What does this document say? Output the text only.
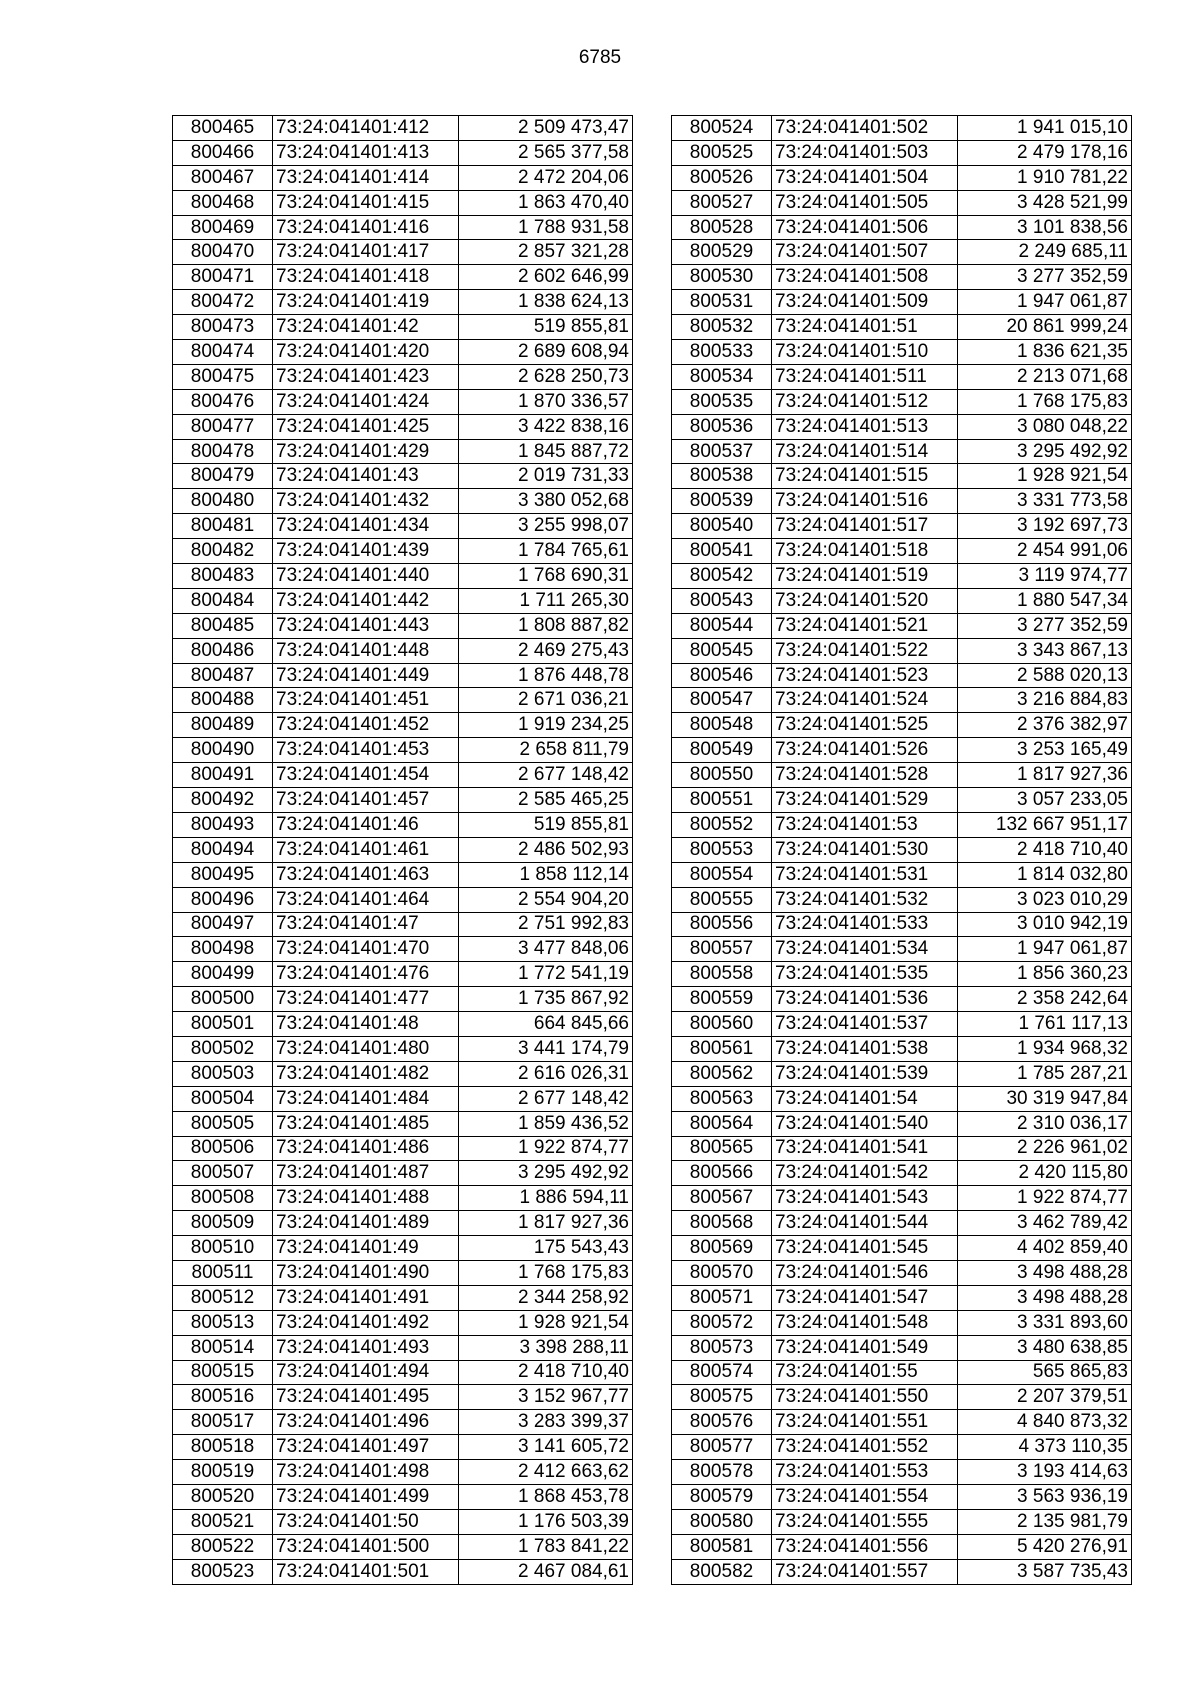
6785
800465	73:24:041401:412	2 509 473,47
800466	73:24:041401:413	2 565 377,58
800467	73:24:041401:414	2 472 204,06
800468	73:24:041401:415	1 863 470,40
800469	73:24:041401:416	1 788 931,58
800470	73:24:041401:417	2 857 321,28
800471	73:24:041401:418	2 602 646,99
800472	73:24:041401:419	1 838 624,13
800473	73:24:041401:42	519 855,81
800474	73:24:041401:420	2 689 608,94
800475	73:24:041401:423	2 628 250,73
800476	73:24:041401:424	1 870 336,57
800477	73:24:041401:425	3 422 838,16
800478	73:24:041401:429	1 845 887,72
800479	73:24:041401:43	2 019 731,33
800480	73:24:041401:432	3 380 052,68
800481	73:24:041401:434	3 255 998,07
800482	73:24:041401:439	1 784 765,61
800483	73:24:041401:440	1 768 690,31
800484	73:24:041401:442	1 711 265,30
800485	73:24:041401:443	1 808 887,82
800486	73:24:041401:448	2 469 275,43
800487	73:24:041401:449	1 876 448,78
800488	73:24:041401:451	2 671 036,21
800489	73:24:041401:452	1 919 234,25
800490	73:24:041401:453	2 658 811,79
800491	73:24:041401:454	2 677 148,42
800492	73:24:041401:457	2 585 465,25
800493	73:24:041401:46	519 855,81
800494	73:24:041401:461	2 486 502,93
800495	73:24:041401:463	1 858 112,14
800496	73:24:041401:464	2 554 904,20
800497	73:24:041401:47	2 751 992,83
800498	73:24:041401:470	3 477 848,06
800499	73:24:041401:476	1 772 541,19
800500	73:24:041401:477	1 735 867,92
800501	73:24:041401:48	664 845,66
800502	73:24:041401:480	3 441 174,79
800503	73:24:041401:482	2 616 026,31
800504	73:24:041401:484	2 677 148,42
800505	73:24:041401:485	1 859 436,52
800506	73:24:041401:486	1 922 874,77
800507	73:24:041401:487	3 295 492,92
800508	73:24:041401:488	1 886 594,11
800509	73:24:041401:489	1 817 927,36
800510	73:24:041401:49	175 543,43
800511	73:24:041401:490	1 768 175,83
800512	73:24:041401:491	2 344 258,92
800513	73:24:041401:492	1 928 921,54
800514	73:24:041401:493	3 398 288,11
800515	73:24:041401:494	2 418 710,40
800516	73:24:041401:495	3 152 967,77
800517	73:24:041401:496	3 283 399,37
800518	73:24:041401:497	3 141 605,72
800519	73:24:041401:498	2 412 663,62
800520	73:24:041401:499	1 868 453,78
800521	73:24:041401:50	1 176 503,39
800522	73:24:041401:500	1 783 841,22
800523	73:24:041401:501	2 467 084,61
800524	73:24:041401:502	1 941 015,10
800525	73:24:041401:503	2 479 178,16
800526	73:24:041401:504	1 910 781,22
800527	73:24:041401:505	3 428 521,99
800528	73:24:041401:506	3 101 838,56
800529	73:24:041401:507	2 249 685,11
800530	73:24:041401:508	3 277 352,59
800531	73:24:041401:509	1 947 061,87
800532	73:24:041401:51	20 861 999,24
800533	73:24:041401:510	1 836 621,35
800534	73:24:041401:511	2 213 071,68
800535	73:24:041401:512	1 768 175,83
800536	73:24:041401:513	3 080 048,22
800537	73:24:041401:514	3 295 492,92
800538	73:24:041401:515	1 928 921,54
800539	73:24:041401:516	3 331 773,58
800540	73:24:041401:517	3 192 697,73
800541	73:24:041401:518	2 454 991,06
800542	73:24:041401:519	3 119 974,77
800543	73:24:041401:520	1 880 547,34
800544	73:24:041401:521	3 277 352,59
800545	73:24:041401:522	3 343 867,13
800546	73:24:041401:523	2 588 020,13
800547	73:24:041401:524	3 216 884,83
800548	73:24:041401:525	2 376 382,97
800549	73:24:041401:526	3 253 165,49
800550	73:24:041401:528	1 817 927,36
800551	73:24:041401:529	3 057 233,05
800552	73:24:041401:53	132 667 951,17
800553	73:24:041401:530	2 418 710,40
800554	73:24:041401:531	1 814 032,80
800555	73:24:041401:532	3 023 010,29
800556	73:24:041401:533	3 010 942,19
800557	73:24:041401:534	1 947 061,87
800558	73:24:041401:535	1 856 360,23
800559	73:24:041401:536	2 358 242,64
800560	73:24:041401:537	1 761 117,13
800561	73:24:041401:538	1 934 968,32
800562	73:24:041401:539	1 785 287,21
800563	73:24:041401:54	30 319 947,84
800564	73:24:041401:540	2 310 036,17
800565	73:24:041401:541	2 226 961,02
800566	73:24:041401:542	2 420 115,80
800567	73:24:041401:543	1 922 874,77
800568	73:24:041401:544	3 462 789,42
800569	73:24:041401:545	4 402 859,40
800570	73:24:041401:546	3 498 488,28
800571	73:24:041401:547	3 498 488,28
800572	73:24:041401:548	3 331 893,60
800573	73:24:041401:549	3 480 638,85
800574	73:24:041401:55	565 865,83
800575	73:24:041401:550	2 207 379,51
800576	73:24:041401:551	4 840 873,32
800577	73:24:041401:552	4 373 110,35
800578	73:24:041401:553	3 193 414,63
800579	73:24:041401:554	3 563 936,19
800580	73:24:041401:555	2 135 981,79
800581	73:24:041401:556	5 420 276,91
800582	73:24:041401:557	3 587 735,43
